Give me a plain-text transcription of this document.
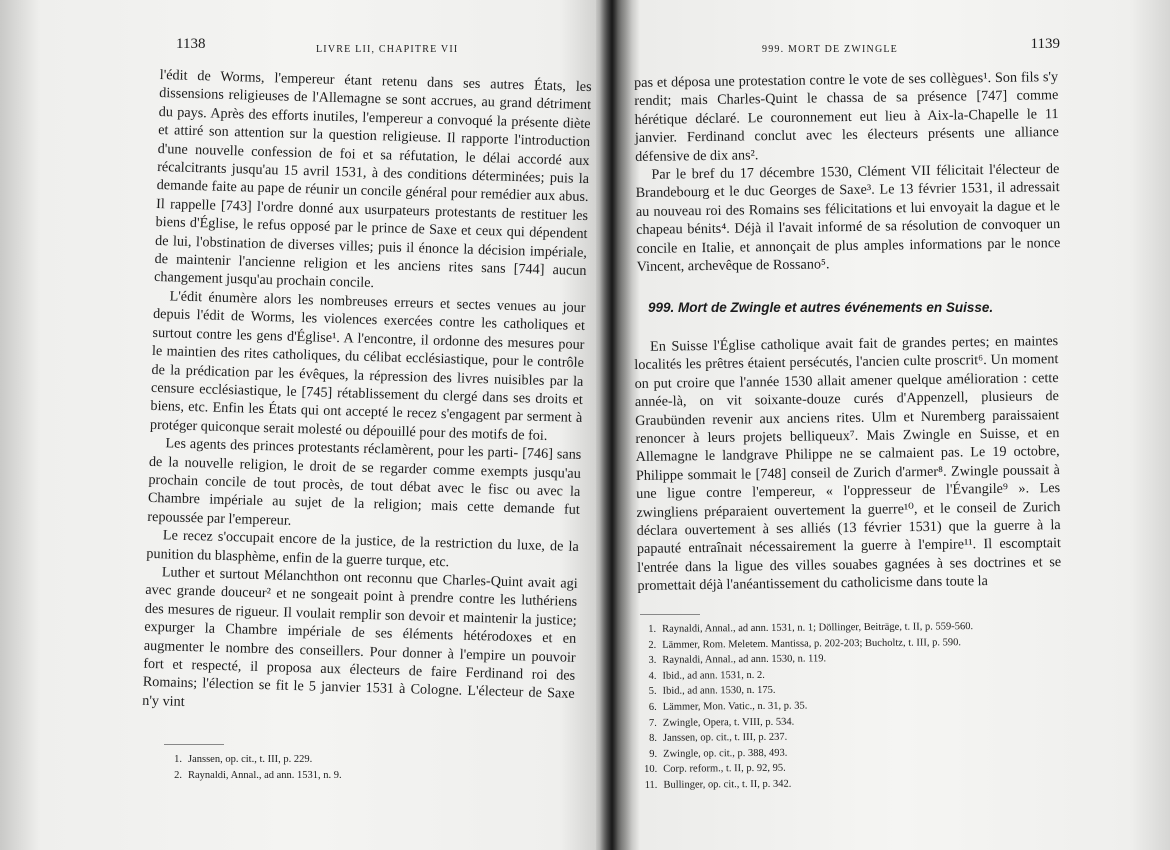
1138	LIVRE LII, CHAPITRE VII

l'édit de Worms, l'empereur étant retenu dans ses autres États, les dissensions religieuses de l'Allemagne se sont accrues, au grand détriment du pays. Après des efforts inutiles, l'empereur a convoqué la présente diète et attiré son attention sur la question religieuse. Il rapporte l'introduction d'une nouvelle confession de foi et sa réfutation, le délai accordé aux récalcitrants jusqu'au 15 avril 1531, à des conditions déterminées; puis la demande faite au pape de réunir un concile général pour remédier aux abus. Il rappelle [743] l'ordre donné aux usurpateurs protestants de restituer les biens d'Église, le refus opposé par le prince de Saxe et ceux qui dépendent de lui, l'obstination de diverses villes; puis il énonce la décision impériale, de maintenir l'ancienne religion et les anciens rites sans [744] aucun changement jusqu'au prochain concile.

L'édit énumère alors les nombreuses erreurs et sectes venues au jour depuis l'édit de Worms, les violences exercées contre les catholiques et surtout contre les gens d'Église¹. A l'encontre, il ordonne des mesures pour le maintien des rites catholiques, du célibat ecclésiastique, pour le contrôle de la prédication par les évêques, la répression des livres nuisibles par la censure ecclésiastique, le [745] rétablissement du clergé dans ses droits et biens, etc. Enfin les États qui ont accepté le recez s'engagent par serment à protéger quiconque serait molesté ou dépouillé pour des motifs de foi.

Les agents des princes protestants réclamèrent, pour les parti- [746] sans de la nouvelle religion, le droit de se regarder comme exempts jusqu'au prochain concile de tout procès, de tout débat avec le fisc ou avec la Chambre impériale au sujet de la religion; mais cette demande fut repoussée par l'empereur.

Le recez s'occupait encore de la justice, de la restriction du luxe, de la punition du blasphème, enfin de la guerre turque, etc.

Luther et surtout Mélanchthon ont reconnu que Charles-Quint avait agi avec grande douceur² et ne songeait point à prendre contre les luthériens des mesures de rigueur. Il voulait remplir son devoir et maintenir la justice; expurger la Chambre impériale de ses éléments hétérodoxes et en augmenter le nombre des conseillers. Pour donner à l'empire un pouvoir fort et respecté, il proposa aux électeurs de faire Ferdinand roi des Romains; l'élection se fit le 5 janvier 1531 à Cologne. L'électeur de Saxe n'y vint

1. Janssen, op. cit., t. III, p. 229.
2. Raynaldi, Annal., ad ann. 1531, n. 9.
999. MORT DE ZWINGLE	1139

pas et déposa une protestation contre le vote de ses collègues¹. Son fils s'y rendit; mais Charles-Quint le chassa de sa présence [747] comme hérétique déclaré. Le couronnement eut lieu à Aix-la-Chapelle le 11 janvier. Ferdinand conclut avec les électeurs présents une alliance défensive de dix ans².

Par le bref du 17 décembre 1530, Clément VII félicitait l'électeur de Brandebourg et le duc Georges de Saxe³. Le 13 février 1531, il adressait au nouveau roi des Romains ses félicitations et lui envoyait la dague et le chapeau bénits⁴. Déjà il l'avait informé de sa résolution de convoquer un concile en Italie, et annonçait de plus amples informations par le nonce Vincent, archevêque de Rossano⁵.

999. Mort de Zwingle et autres événements en Suisse.

En Suisse l'Église catholique avait fait de grandes pertes; en maintes localités les prêtres étaient persécutés, l'ancien culte proscrit⁶. Un moment on put croire que l'année 1530 allait amener quelque amélioration : cette année-là, on vit soixante-douze curés d'Appenzell, plusieurs de Graubünden revenir aux anciens rites. Ulm et Nuremberg paraissaient renoncer à leurs projets belliqueux⁷. Mais Zwingle en Suisse, et en Allemagne le landgrave Philippe ne se calmaient pas. Le 19 octobre, Philippe sommait le [748] conseil de Zurich d'armer⁸. Zwingle poussait à une ligue contre l'empereur, « l'oppresseur de l'Évangile⁹ ». Les zwingliens préparaient ouvertement la guerre¹⁰, et le conseil de Zurich déclara ouvertement à ses alliés (13 février 1531) que la guerre à la papauté entraînait nécessairement la guerre à l'empire¹¹. Il escomptait l'entrée dans la ligue des villes souabes gagnées à ses doctrines et se promettait déjà l'anéantissement du catholicisme dans toute la

1. Raynaldi, Annal., ad ann. 1531, n. 1; Döllinger, Beiträge, t. II, p. 559-560.
2. Lämmer, Rom. Meletem. Mantissa, p. 202-203; Bucholtz, t. III, p. 590.
3. Raynaldi, Annal., ad ann. 1530, n. 119.
4. Ibid., ad ann. 1531, n. 2.
5. Ibid., ad ann. 1530, n. 175.
6. Lämmer, Mon. Vatic., n. 31, p. 35.
7. Zwingle, Opera, t. VIII, p. 534.
8. Janssen, op. cit., t. III, p. 237.
9. Zwingle, op. cit., p. 388, 493.
10. Corp. reform., t. II, p. 92, 95.
11. Bullinger, op. cit., t. II, p. 342.
